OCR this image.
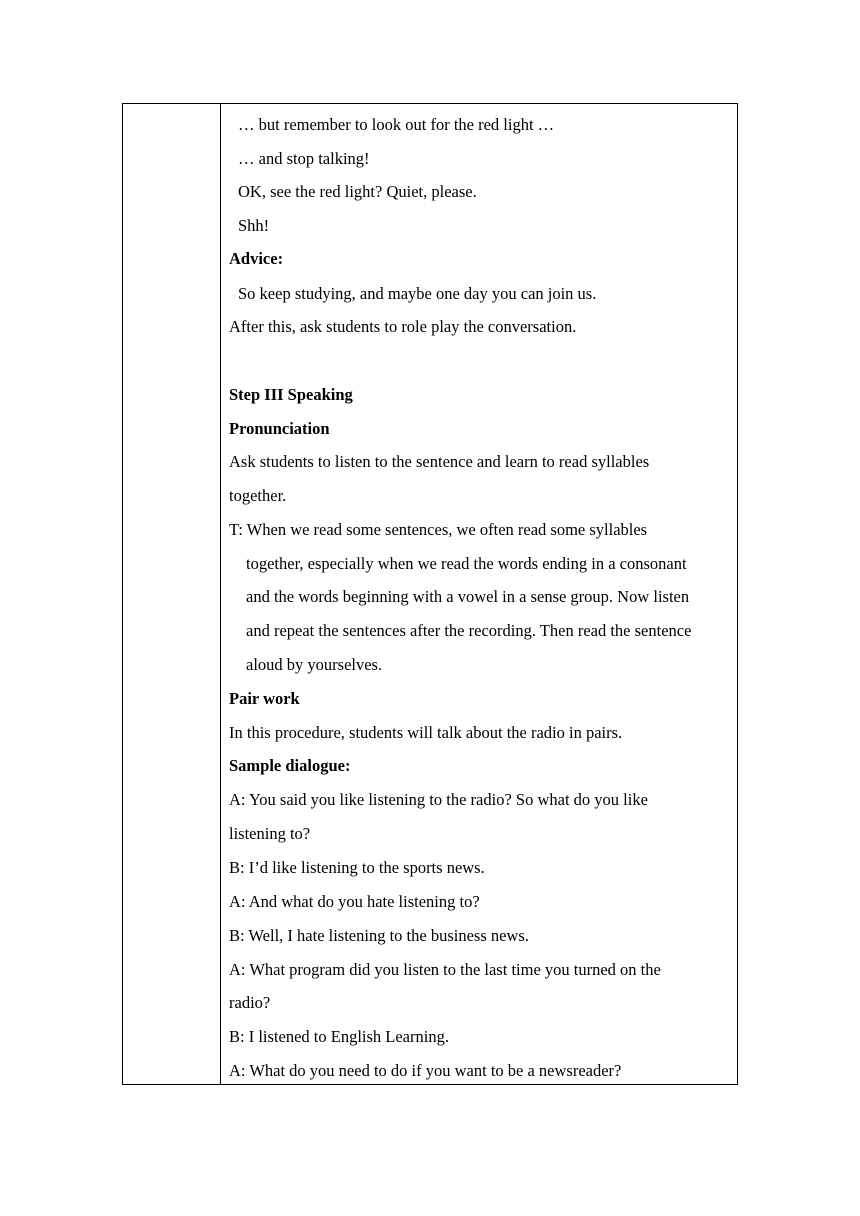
… but remember to look out for the red light …
… and stop talking!
OK, see the red light? Quiet, please.
Shh!
Advice:
So keep studying, and maybe one day you can join us.
After this, ask students to role play the conversation.
Step III Speaking
Pronunciation
Ask students to listen to the sentence and learn to read syllables
together.
T: When we read some sentences, we often read some syllables
together, especially when we read the words ending in a consonant
and the words beginning with a vowel in a sense group. Now listen
and repeat the sentences after the recording. Then read the sentence
aloud by yourselves.
Pair work
In this procedure, students will talk about the radio in pairs.
Sample dialogue:
A: You said you like listening to the radio? So what do you like
listening to?
B: I’d like listening to the sports news.
A: And what do you hate listening to?
B: Well, I hate listening to the business news.
A: What program did you listen to the last time you turned on the
radio?
B: I listened to English Learning.
A: What do you need to do if you want to be a newsreader?
